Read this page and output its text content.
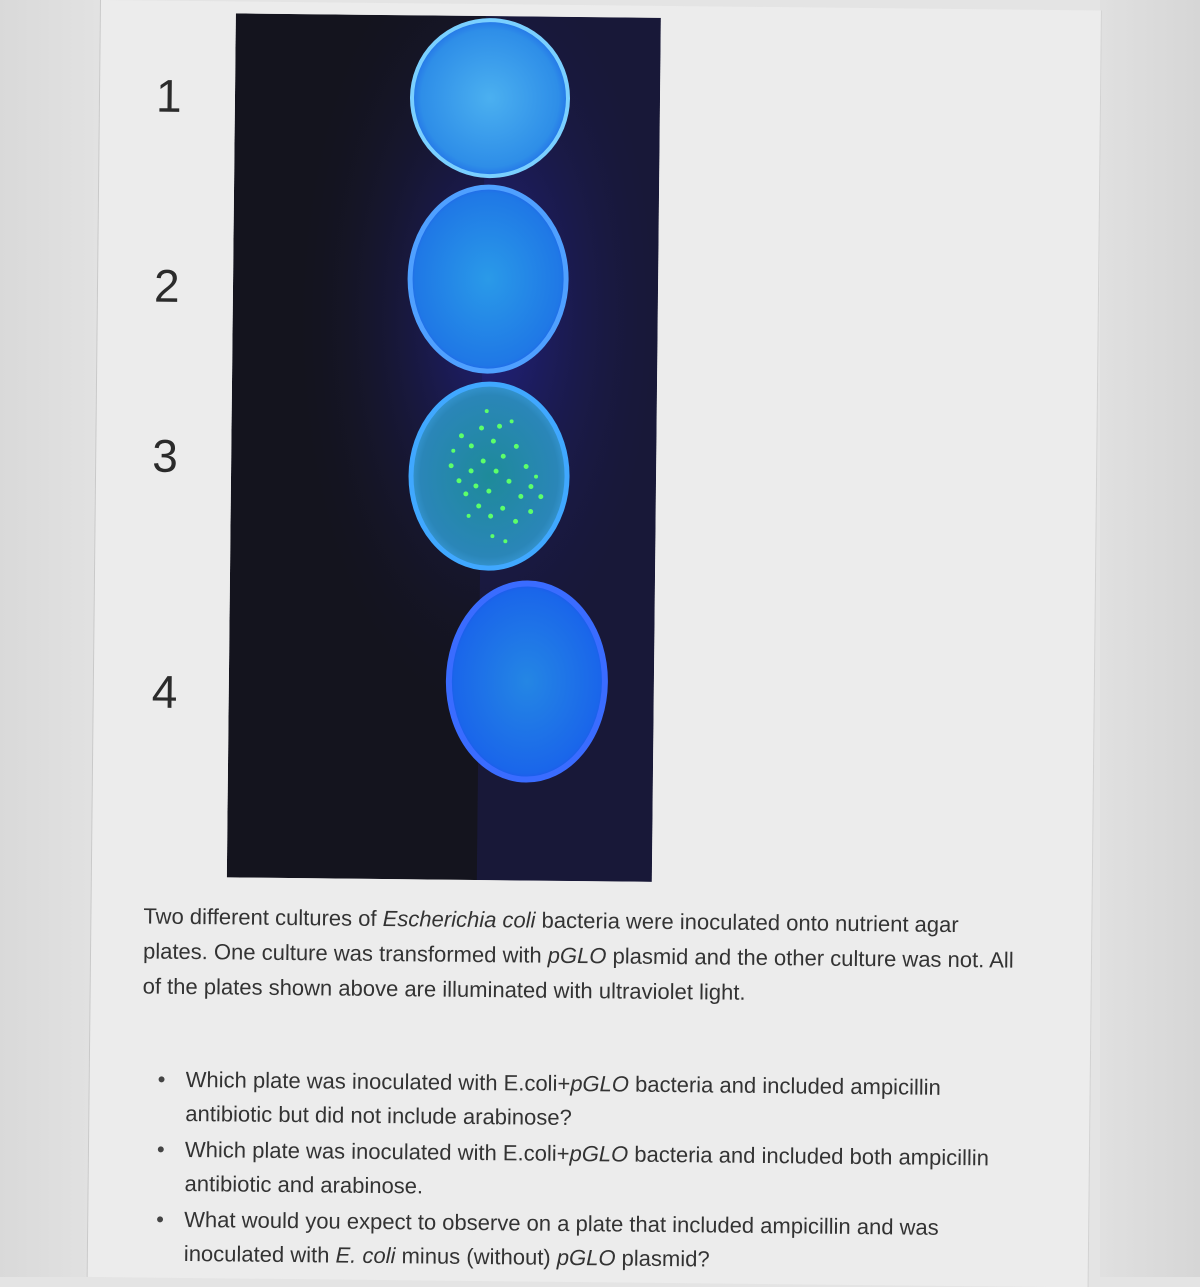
1
2
3
4
Two different cultures of Escherichia coli bacteria were inoculated onto nutrient agar plates. One culture was transformed with pGLO plasmid and the other culture was not. All of the plates shown above are illuminated with ultraviolet light.
• Which plate was inoculated with E.coli+pGLO bacteria and included ampicillin antibiotic but did not include arabinose?
• Which plate was inoculated with E.coli+pGLO bacteria and included both ampicillin antibiotic and arabinose.
• What would you expect to observe on a plate that included ampicillin and was inoculated with E. coli minus (without) pGLO plasmid?
